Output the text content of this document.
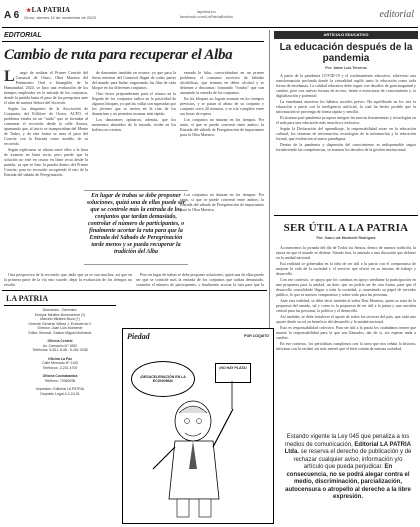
A 6 ★LA PATRIA
Oruro, viernes 10 de noviembre de 2023
lapatria.bo
facebook.com/LaPatriaBolivia	editorial
EDITORIAL
Cambio de ruta para recuperar el Alba
L	uego de realizar el Primer Convite del Carnaval de Oruro, Obra Maestra del Patrimonio Oral e Intangible de la Humanidad, 2024, se hizo una evaluación de los tiempos empleados en la entrada de los conjuntos, donde la partida hasta el paso de los peregrinos ante el altar de nuestra Señora del Socavón.

Según los dirigentes de la Asociación de Conjuntos del Folklore de Oruro, ACFO, el problema estaba en un "nudo" que se formaba al comenzar el recorrido desde la calle Avaroa, apuntando que, al inicio se transportaban del Monte de Tadeo, y de esta forma se mira el paso del Convite con la Entrada como modelo de su recorrido.

Según explicaron se ahorra entre ellos a la hora de avanzar en línea recta, pero puede que la solución no esté en cruzar en línea recta desde la partida, ya que se hizo la prueba dentro del Primer Convite, para no recorrido recogiendo el rato de la Entrada del sábado de Peregrinación.

de danzantes también en avance, ya que pasa la fiesta máxima del Carnaval llegan de todas partes del mundo para bailar, engrosando las filas de cada bloque en los diferentes conjuntos.

Otro factor preponderante para el retraso en la llegada de los conjuntos radica en la pasividad de algunos bloques, ya que las vallas son superadas por los jóvenes que se meten en la ruta de los danzarines y no permiten avanzar más rápido.

Los danzarines opinaron, además, que los momentos aburridos de la entrada, recién en los boletos no existen.

entrada le falta, convirtiéndose en un primer problema, el consumo excesivo de bebidas alcohólicas, que termina en deber alcohol y se detienen a descansar; formando "fondos" que van atrasando la entrada de los conjuntos.

En los bloques no logran avanzar en los tiempos previstos, y se pasan al abuso de su conjunto y conjunto cerca 20 minutos, y se iría completo entre sus horas de espera.

Los conjuntos no danzan en los tiempos. Por tanto, sí que se puede convenir entre ambos; la Entrada del sábado de Peregrinación de importantes para la Obra Maestra.

En lugar de trabas se debe proponer soluciones, quizá una de ellas puede ser que se controle más la entrada de los conjuntos que tardan demasiado, controlar el número de participantes, o finalmente acortar la ruta para que la Entrada del Sábado de Peregrinación tarde menos y se pueda recuperar la tradición del Alba

Los conjuntos no danzan en los tiempos. Por tanto, sí que se puede convenir entre ambos; la Entrada del sábado de Peregrinación de importantes para la Obra Maestra.

Otra perspectiva de la recorrido que, dado que ya se van muchos; así que en la primera parte de la vía esto sucede, dejar la evaluación de los tiempos no resultó.

Pero en lugar de trabas se debe proponer soluciones, quizá una de ellas puede ser que se controle más la entrada de los conjuntos que tardan demasiado, controlar el número de participantes, o finalmente acortar la ruta para que la

ARTÍCULO EDUCATIVO
La educación después de la pandemia
Por: Jaime Luis Terceros

A partir de la pandemia COVID-19 y el confinamiento educativo, sobrevino una transformación profunda donde la virtualidad suplió tanto la educación como toda forma de enseñanza. La calidad educativa debe seguir con desafíos de gran magnitud y cambio, pero con nuevas formas de acceso, frente a estructuras de conocimiento y, la digitalización y potencial.

La enseñanza atraviesa los hábitos sociales previo. Ha equilibrado en los tres la educación a partir con la inteligencia artificial, la cual ha hecho posible que la información se provenga de forma rápida y sencilla.

El sistema post-pandemia prospera integrar las nuevas herramientas y tecnologías en el aula para una educación más atractiva e inclusiva.

Según la Declaración del aprendizaje, la responsabilidad recae en la educación cultural, los sistemas de información, tecnologías de la información y la educación formal, que evidencian al nuevo paradigma.

Dentro de la pandemia y dispersión del conocimiento es indispensable seguir fortaleciendo las competencias, se asumen los desafíos de la gestión institucional.

SER ÚTIL A LA PATRIA
Por: Juan Luis Monterde Rodríguez

Acontecemos la jornada del día de Todos los Santos, dentro de nuestra tradición, la época en que el mundo se detiene. Siendo ésta, la antesala a una discusión que debiese en la unidad nacional.

Esa realidad se gobernaba en la idea de ser útil a la patria con el compromiso de mejorar la vida de la sociedad y el servicio que ofrece en su entorno de trabajo y desarrollo.

Con ese contexto, se apoya que los cambios en apoyo mediante la participación en una propuesta para la unidad, un dato, que no podría ser de otra forma, para que el desarrollo consolidado llegue a toda la sociedad, y, asumiendo su papel de servidor público, lo que es nuestro compromiso y sobre todo para las personas.

Ante esta realidad, se debe decir también al señor Don Montero, quien se trata de la propuesta del senado, tal y como es la propuesta de ser útil a la patria y una cuestión central para las personas, la política y el desarrollo.

Así también, se debe fortalecer el aporte de todos los sectores del país, que cada uno aporte desde su rol en beneficio del desarrollo y la unidad nacional.

Esto es responsabilidad colectiva. Para ser útil a la patria los ciudadanos tienen que asumir la responsabilidad para la que son llamados, dar de sí, sin esperar nada a cambio.

En ese contexto, los periodistas cumplimos con la tarea que nos señala la historia, informar con la verdad, sin más interés que el bien común de nuestra sociedad.

Estando vigente la Ley 045 que penaliza a los medios de comunicación, Editorial LA PATRIA Ltda. se reserva el derecho de publicación y de rechazar cualquier aviso, información y/o artículo que pueda perjudicar. En consecuencia, no se podrá alegar contra el medio, discriminación, parcialización, autocensura o atropello al derecho a la libre expresión.
LA PATRIA
Directores - Gerentes:
Enrique Miralles Bonecarrere (†)
Marcelo Miralles Bova (†)
Gerente General: Wilma J. Echeverría V.
Director: Juan Luis Monterde
Editor General: Gastón Miguel Mollinedo
Oficina Central
Av. Camacho Nº 1892
Teléfonos: 5-261 1148 - 5-261 0038
Oficina La Paz
Calle Mercado Nº 1140
Teléfonos: 2-231 4700
Oficina Cochabamba
Teléfono: 79360936
Impresión: Editorial LA PATRIA
Depósito Legal 4-3-24-91
Piedad	POR COQUITO
¡DESACELERACIÓN EN LA ECONOMÍA!
¡NO HAY PLATA!
